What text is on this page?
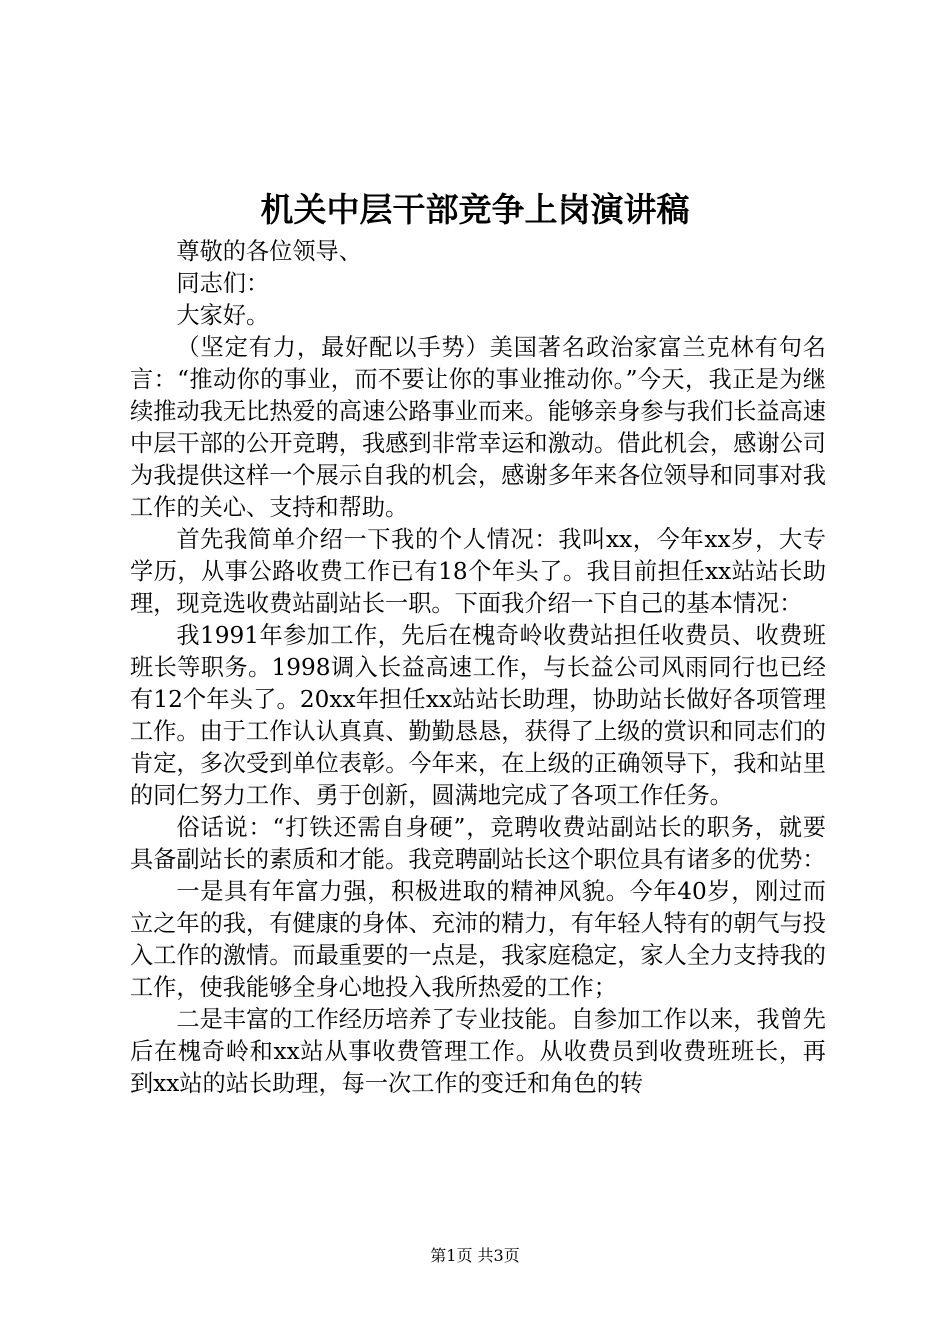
机关中层干部竞争上岗演讲稿

尊敬的各位领导、

同志们：

大家好。

（坚定有力，最好配以手势）美国著名政治家富兰克林有句名言：“推动你的事业，而不要让你的事业推动你。”今天，我正是为继续推动我无比热爱的高速公路事业而来。能够亲身参与我们长益高速中层干部的公开竞聘，我感到非常幸运和激动。借此机会，感谢公司为我提供这样一个展示自我的机会，感谢多年来各位领导和同事对我工作的关心、支持和帮助。

首先我简单介绍一下我的个人情况：我叫xx，今年xx岁，大专学历，从事公路收费工作已有18个年头了。我目前担任xx站站长助理，现竞选收费站副站长一职。下面我介绍一下自己的基本情况：

我1991年参加工作，先后在槐奇岭收费站担任收费员、收费班班长等职务。1998调入长益高速工作，与长益公司风雨同行也已经有12个年头了。20xx年担任xx站站长助理，协助站长做好各项管理工作。由于工作认认真真、勤勤恳恳，获得了上级的赏识和同志们的肯定，多次受到单位表彰。今年来，在上级的正确领导下，我和站里的同仁努力工作、勇于创新，圆满地完成了各项工作任务。

俗话说：“打铁还需自身硬”，竞聘收费站副站长的职务，就要具备副站长的素质和才能。我竞聘副站长这个职位具有诸多的优势：

一是具有年富力强，积极进取的精神风貌。今年40岁，刚过而立之年的我，有健康的身体、充沛的精力，有年轻人特有的朝气与投入工作的激情。而最重要的一点是，我家庭稳定，家人全力支持我的工作，使我能够全身心地投入我所热爱的工作；

二是丰富的工作经历培养了专业技能。自参加工作以来，我曾先后在槐奇岭和xx站从事收费管理工作。从收费员到收费班班长，再到xx站的站长助理，每一次工作的变迁和角色的转

第1页 共3页
